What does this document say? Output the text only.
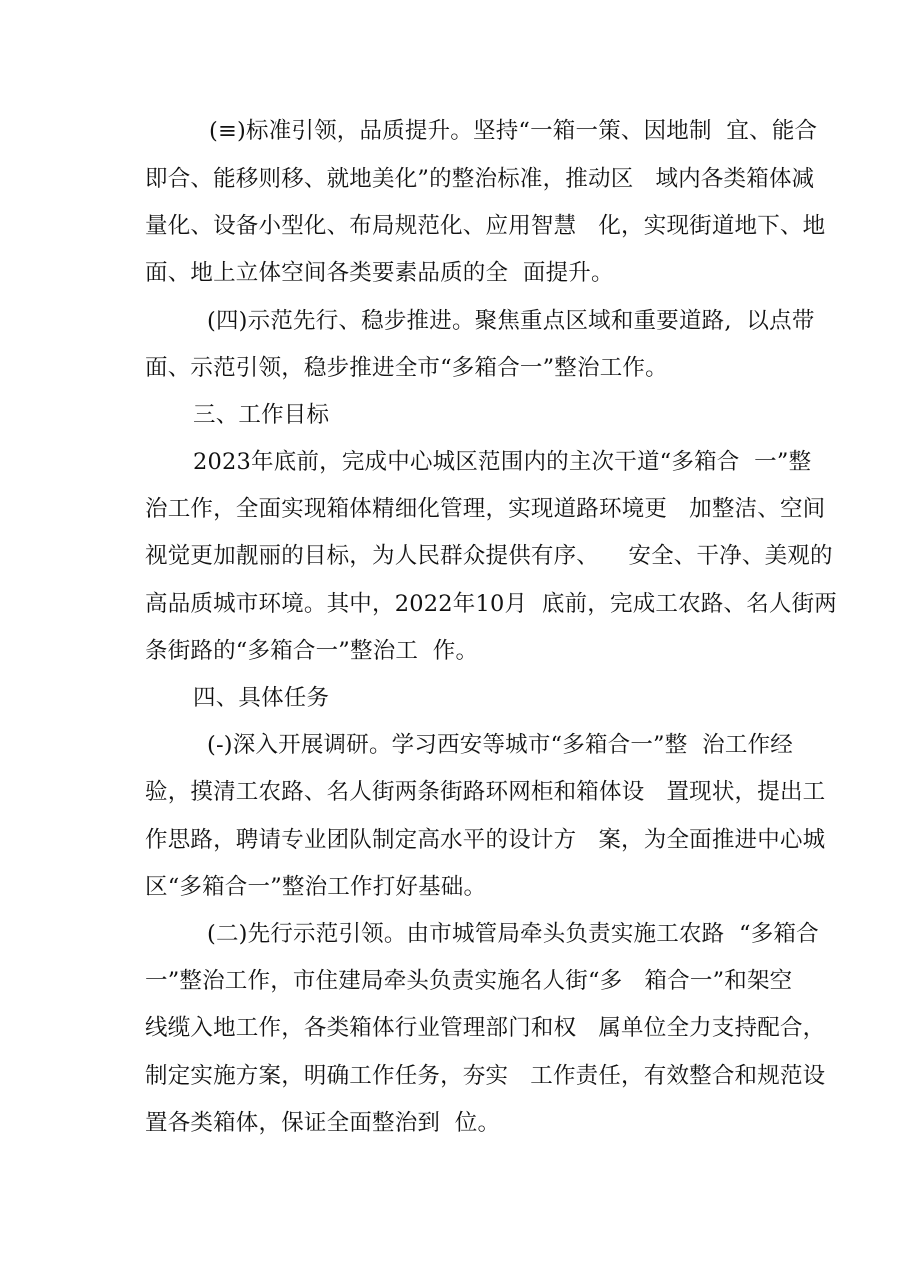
(≡)标准引领，品质提升。坚持“一箱一策、因地制  宜、能合
即合、能移则移、就地美化”的整治标准，推动区   域内各类箱体减
量化、设备小型化、布局规范化、应用智慧   化，实现街道地下、地
面、地上立体空间各类要素品质的全  面提升。
(四)示范先行、稳步推进。聚焦重点区域和重要道路,  以点带
面、示范引领，稳步推进全市“多箱合一”整治工作。
三、工作目标
2023年底前，完成中心城区范围内的主次干道“多箱合  一”整
治工作，全面实现箱体精细化管理，实现道路环境更   加整洁、空间
视觉更加靓丽的目标，为人民群众提供有序、    安全、干净、美观的
高品质城市环境。其中，2022年10月  底前，完成工农路、名人街两
条街路的“多箱合一”整治工  作。
四、具体任务
(-)深入开展调研。学习西安等城市“多箱合一”整  治工作经
验，摸清工农路、名人街两条街路环网柜和箱体设   置现状，提出工
作思路，聘请专业团队制定高水平的设计方   案，为全面推进中心城
区“多箱合一”整治工作打好基础。
(二)先行示范引领。由市城管局牵头负责实施工农路  “多箱合
一”整治工作，市住建局牵头负责实施名人街“多   箱合一”和架空
线缆入地工作，各类箱体行业管理部门和权   属单位全力支持配合，
制定实施方案，明确工作任务，夯实   工作责任，有效整合和规范设
置各类箱体，保证全面整治到  位。
